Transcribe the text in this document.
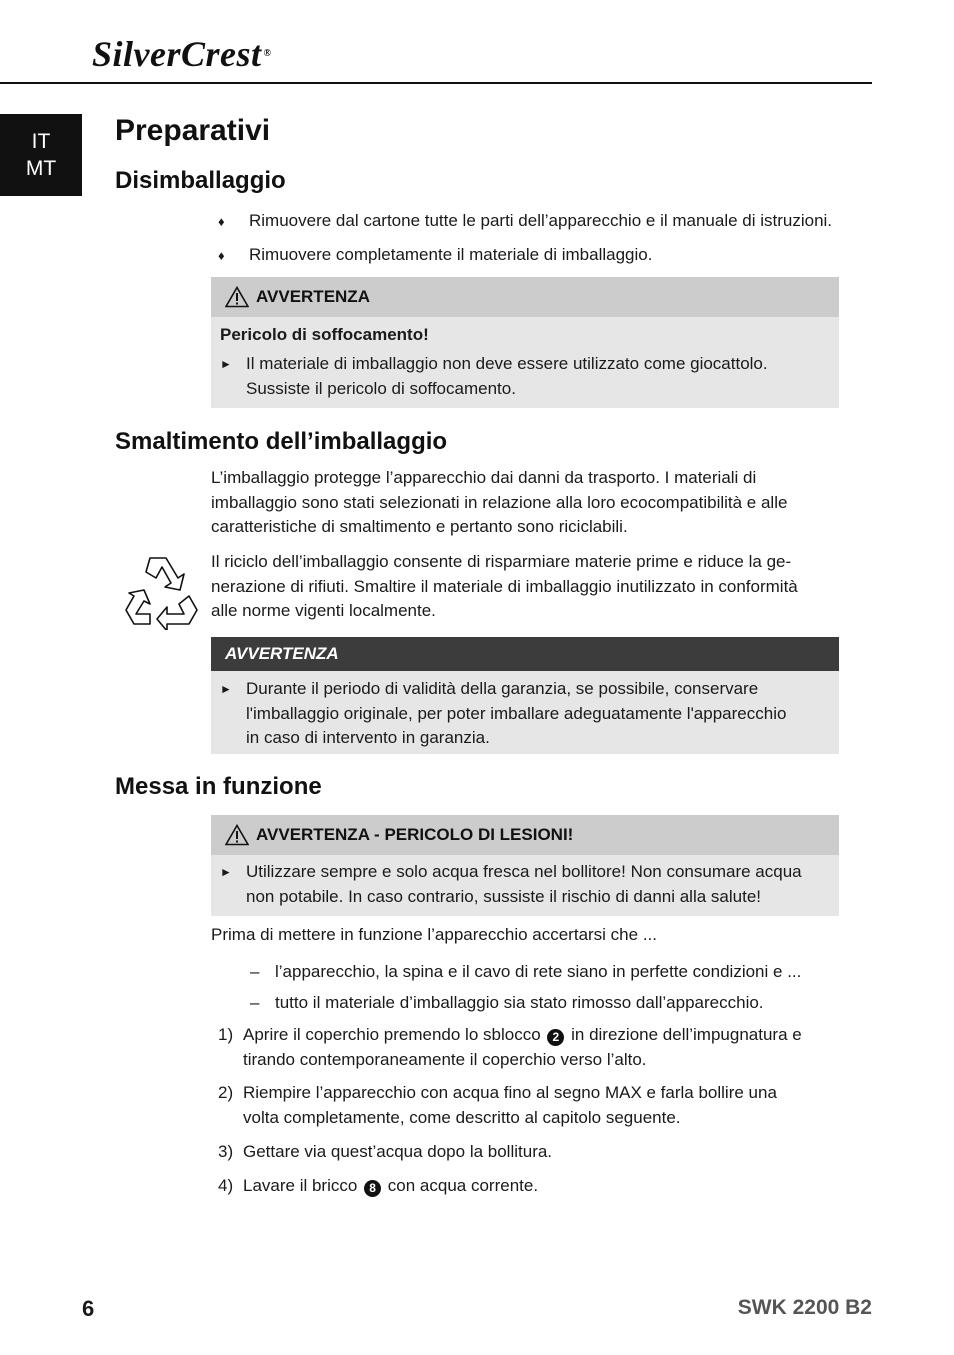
SilverCrest ®
IT
MT
Preparativi
Disimballaggio
♦ Rimuovere dal cartone tutte le parti dell’apparecchio e il manuale di istruzioni.
♦ Rimuovere completamente il materiale di imballaggio.
AVVERTENZA
Pericolo di soffocamento!
► Il materiale di imballaggio non deve essere utilizzato come giocattolo.
Sussiste il pericolo di soffocamento.
Smaltimento dell’imballaggio
L’imballaggio protegge l’apparecchio dai danni da trasporto. I materiali di
imballaggio sono stati selezionati in relazione alla loro ecocompatibilità e alle
caratteristiche di smaltimento e pertanto sono riciclabili.
Il riciclo dell’imballaggio consente di risparmiare materie prime e riduce la ge-
nerazione di rifiuti. Smaltire il materiale di imballaggio inutilizzato in conformità
alle norme vigenti localmente.
AVVERTENZA
► Durante il periodo di validità della garanzia, se possibile, conservare
l'imballaggio originale, per poter imballare adeguatamente l'apparecchio
in caso di intervento in garanzia.
Messa in funzione
AVVERTENZA - PERICOLO DI LESIONI!
► Utilizzare sempre e solo acqua fresca nel bollitore! Non consumare acqua
non potabile. In caso contrario, sussiste il rischio di danni alla salute!
Prima di mettere in funzione l’apparecchio accertarsi che ...
– l’apparecchio, la spina e il cavo di rete siano in perfette condizioni e ...
– tutto il materiale d’imballaggio sia stato rimosso dall’apparecchio.
1) Aprire il coperchio premendo lo sblocco 2 in direzione dell’impugnatura e
tirando contemporaneamente il coperchio verso l’alto.
2) Riempire l’apparecchio con acqua fino al segno MAX e farla bollire una
volta completamente, come descritto al capitolo seguente.
3) Gettare via quest’acqua dopo la bollitura.
4) Lavare il bricco 8 con acqua corrente.
6	SWK 2200 B2
